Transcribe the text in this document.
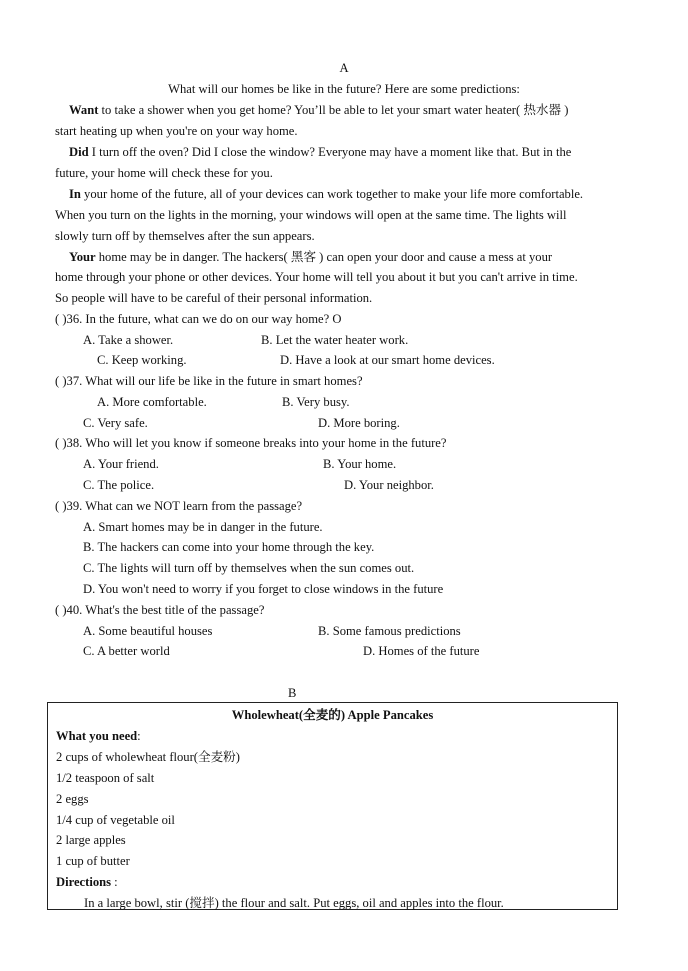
A
What will our homes be like in the future? Here are some predictions:
Want to take a shower when you get home? You’ll be able to let your smart water heater( 热水器 )
start heating up when you're on your way home.
Did I turn off the oven? Did I close the window? Everyone may have a moment like that. But in the
future, your home will check these for you.
In your home of the future, all of your devices can work together to make your life more comfortable.
When you turn on the lights in the morning, your windows will open at the same time. The lights will
slowly turn off by themselves after the sun appears.
Your home may be in danger. The hackers( 黑客 ) can open your door and cause a mess at your
home through your phone or other devices. Your home will tell you about it but you can't arrive in time.
So people will have to be careful of their personal information.
( )36. In the future, what can we do on our way home? O
A. Take a shower.	B. Let the water heater work.
C. Keep working.	D. Have a look at our smart home devices.
( )37. What will our life be like in the future in smart homes?
A. More comfortable.	B. Very busy.
C. Very safe.	D. More boring.
( )38. Who will let you know if someone breaks into your home in the future?
A. Your friend.	B. Your home.
C. The police.	D. Your neighbor.
( )39. What can we NOT learn from the passage?
A. Smart homes may be in danger in the future.
B. The hackers can come into your home through the key.
C. The lights will turn off by themselves when the sun comes out.
D. You won't need to worry if you forget to close windows in the future
( )40. What's the best title of the passage?
A. Some beautiful houses	B. Some famous predictions
C. A better world	D. Homes of the future
B
Wholewheat(全麦的) Apple Pancakes
What you need:
2 cups of wholewheat flour(全麦粉)
1/2 teaspoon of salt
2 eggs
1/4 cup of vegetable oil
2 large apples
1 cup of butter
Directions :
In a large bowl, stir (搅拌) the flour and salt. Put eggs, oil and apples into the flour.
